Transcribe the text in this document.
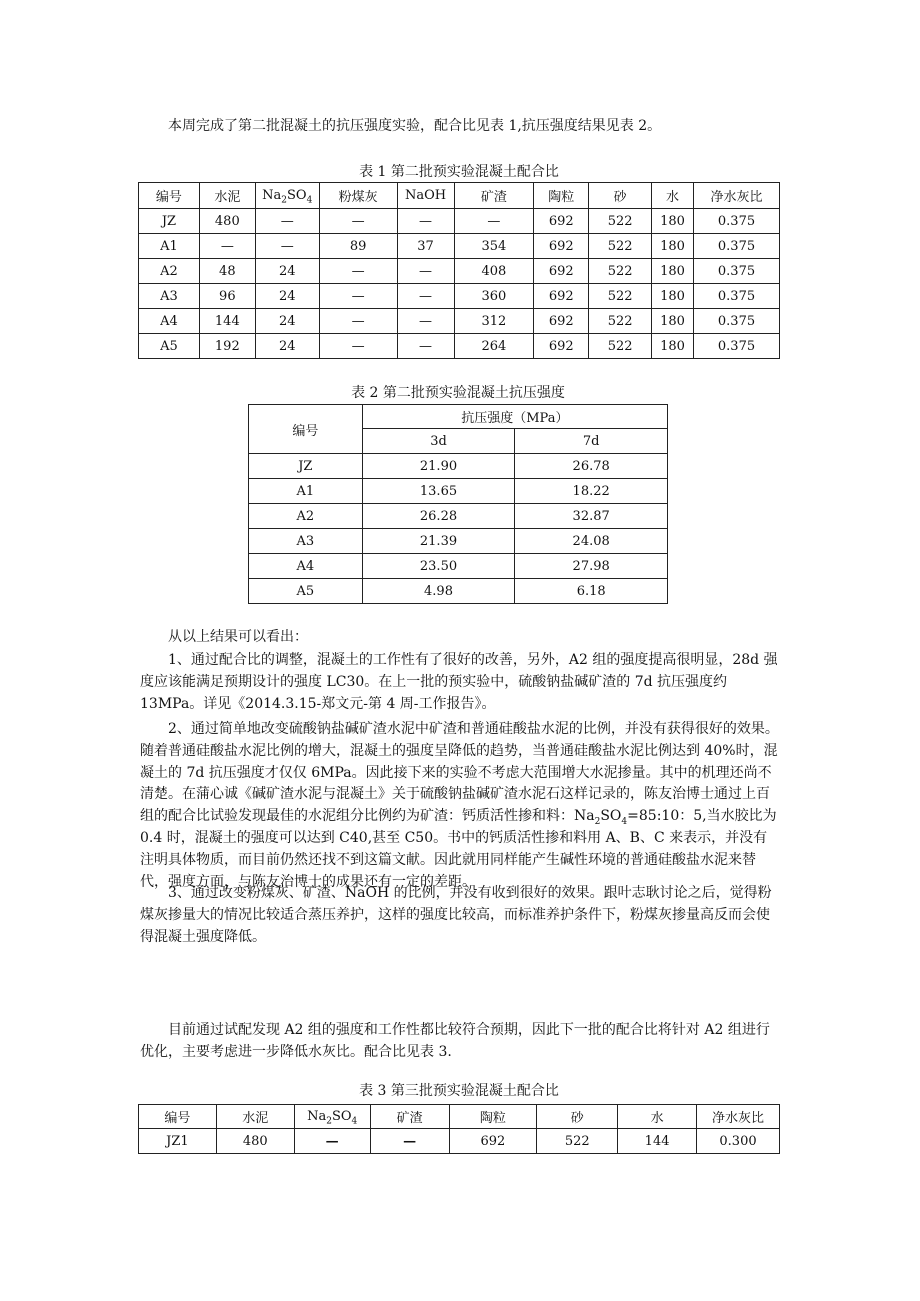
本周完成了第二批混凝土的抗压强度实验，配合比见表 1,抗压强度结果见表 2。

表 1 第二批预实验混凝土配合比

编号	水泥	$Na_2SO_4$	粉煤灰	NaOH	矿渣	陶粒	砂	水	净水灰比
JZ	480	—	—	—	—	692	522	180	0.375
A1	—	—	89	37	354	692	522	180	0.375
A2	48	24	—	—	408	692	522	180	0.375
A3	96	24	—	—	360	692	522	180	0.375
A4	144	24	—	—	312	692	522	180	0.375
A5	192	24	—	—	264	692	522	180	0.375

表 2 第二批预实验混凝土抗压强度

编号	抗压强度（MPa）	
	3d	7d
JZ	21.90	26.78
A1	13.65	18.22
A2	26.28	32.87
A3	21.39	24.08
A4	23.50	27.98
A5	4.98	6.18

从以上结果可以看出：

1、通过配合比的调整，混凝土的工作性有了很好的改善，另外，A2 组的强度提高很明显，28d 强度应该能满足预期设计的强度 LC30。在上一批的预实验中，硫酸钠盐碱矿渣的 7d 抗压强度约 13MPa。详见《2014.3.15-郑文元-第 4 周-工作报告》。

2、通过简单地改变硫酸钠盐碱矿渣水泥中矿渣和普通硅酸盐水泥的比例，并没有获得很好的效果。随着普通硅酸盐水泥比例的增大，混凝土的强度呈降低的趋势，当普通硅酸盐水泥比例达到 40%时，混凝土的 7d 抗压强度才仅仅 6MPa。因此接下来的实验不考虑大范围增大水泥掺量。其中的机理还尚不清楚。在蒲心诚《碱矿渣水泥与混凝土》关于硫酸钠盐碱矿渣水泥石这样记录的，陈友治博士通过上百组的配合比试验发现最佳的水泥组分比例约为矿渣：钙质活性掺和料：$Na_2SO_4=85:10$：5,当水胶比为 0.4 时，混凝土的强度可以达到 C40,甚至 C50。书中的钙质活性掺和料用 A、B、C 来表示，并没有注明具体物质，而目前仍然还找不到这篇文献。因此就用同样能产生碱性环境的普通硅酸盐水泥来替代，强度方面，与陈友治博士的成果还有一定的差距。

3、通过改变粉煤灰、矿渣、NaOH 的比例，并没有收到很好的效果。跟叶志耿讨论之后，觉得粉煤灰掺量大的情况比较适合蒸压养护，这样的强度比较高，而标准养护条件下，粉煤灰掺量高反而会使得混凝土强度降低。

目前通过试配发现 A2 组的强度和工作性都比较符合预期，因此下一批的配合比将针对 A2 组进行优化，主要考虑进一步降低水灰比。配合比见表 3.

表 3 第三批预实验混凝土配合比

编号	水泥	$Na_2SO_4$	矿渣	陶粒	砂	水	净水灰比
JZ1	480	—	—	692	522	144	0.300
